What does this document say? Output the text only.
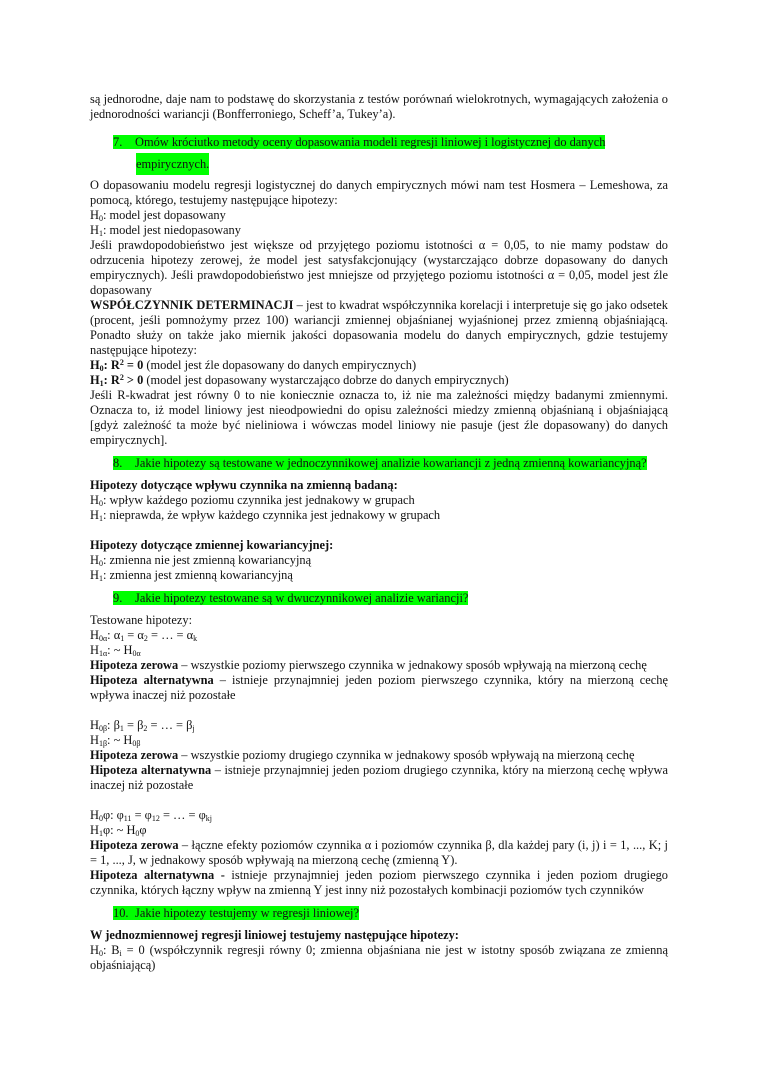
są jednorodne, daje nam to podstawę do skorzystania z testów porównań wielokrotnych, wymagających założenia o jednorodności wariancji (Bonfferroniego, Scheff’a, Tukey’a).

7. Omów króciutko metody oceny dopasowania modeli regresji liniowej i logistycznej do danych
empirycznych.

O dopasowaniu modelu regresji logistycznej do danych empirycznych mówi nam test Hosmera – Lemeshowa, za pomocą, którego, testujemy następujące hipotezy:

$H_0$: model jest dopasowany

$H_1$: model jest niedopasowany

Jeśli prawdopodobieństwo jest większe od przyjętego poziomu istotności α = 0,05, to nie mamy podstaw do odrzucenia hipotezy zerowej, że model jest satysfakcjonujący (wystarczająco dobrze dopasowany do danych empirycznych). Jeśli prawdopodobieństwo jest mniejsze od przyjętego poziomu istotności α = 0,05, model jest źle dopasowany

WSPÓŁCZYNNIK DETERMINACJI – jest to kwadrat współczynnika korelacji i interpretuje się go jako odsetek (procent, jeśli pomnożymy przez 100) wariancji zmiennej objaśnianej wyjaśnionej przez zmienną objaśniającą. Ponadto służy on także jako miernik jakości dopasowania modelu do danych empirycznych, gdzie testujemy następujące hipotezy:

$H_0$: $R^2 = 0$ (model jest źle dopasowany do danych empirycznych)

$H_1$: $R^2 > 0$ (model jest dopasowany wystarczająco dobrze do danych empirycznych)

Jeśli R-kwadrat jest równy 0 to nie koniecznie oznacza to, iż nie ma zależności między badanymi zmiennymi. Oznacza to, iż model liniowy jest nieodpowiedni do opisu zależności miedzy zmienną objaśnianą i objaśniającą [gdyż zależność ta może być nieliniowa i wówczas model liniowy nie pasuje (jest źle dopasowany) do danych empirycznych].

8. Jakie hipotezy są testowane w jednoczynnikowej analizie kowariancji z jedną zmienną kowariancyjną?

Hipotezy dotyczące wpływu czynnika na zmienną badaną:

$H_0$: wpływ każdego poziomu czynnika jest jednakowy w grupach

$H_1$: nieprawda, że wpływ każdego czynnika jest jednakowy w grupach

Hipotezy dotyczące zmiennej kowariancyjnej:

$H_0$: zmienna nie jest zmienną kowariancyjną

$H_1$: zmienna jest zmienną kowariancyjną

9. Jakie hipotezy testowane są w dwuczynnikowej analizie wariancji?

Testowane hipotezy:

$H_{0\alpha}$: $\alpha_1 = \alpha_2$ = … = $\alpha_k$

$H_{1\alpha}$: ~ $H_{0\alpha}$

Hipoteza zerowa – wszystkie poziomy pierwszego czynnika w jednakowy sposób wpływają na mierzoną cechę

Hipoteza alternatywna – istnieje przynajmniej jeden poziom pierwszego czynnika, który na mierzoną cechę wpływa inaczej niż pozostałe

$H_{0\beta}$: $\beta_1 = \beta_2$ = … = $\beta_j$

$H_{1\beta}$: ~ $H_{0\beta}$

Hipoteza zerowa – wszystkie poziomy drugiego czynnika w jednakowy sposób wpływają na mierzoną cechę

Hipoteza alternatywna – istnieje przynajmniej jeden poziom drugiego czynnika, który na mierzoną cechę wpływa inaczej niż pozostałe

$H_0\varphi$: $\varphi_{11} = \varphi_{12}$ = … = $\varphi_{kj}$

$H_1\varphi$: ~ $H_0\varphi$

Hipoteza zerowa – łączne efekty poziomów czynnika α i poziomów czynnika β, dla każdej pary (i, j) i = 1, ..., K; j = 1, ..., J, w jednakowy sposób wpływają na mierzoną cechę (zmienną Y).

Hipoteza alternatywna - istnieje przynajmniej jeden poziom pierwszego czynnika i jeden poziom drugiego czynnika, których łączny wpływ na zmienną Y jest inny niż pozostałych kombinacji poziomów tych czynników

10. Jakie hipotezy testujemy w regresji liniowej?

W jednozmiennowej regresji liniowej testujemy następujące hipotezy:

$H_0$: $B_i = 0$ (współczynnik regresji równy 0; zmienna objaśniana nie jest w istotny sposób związana ze zmienną objaśniającą)
